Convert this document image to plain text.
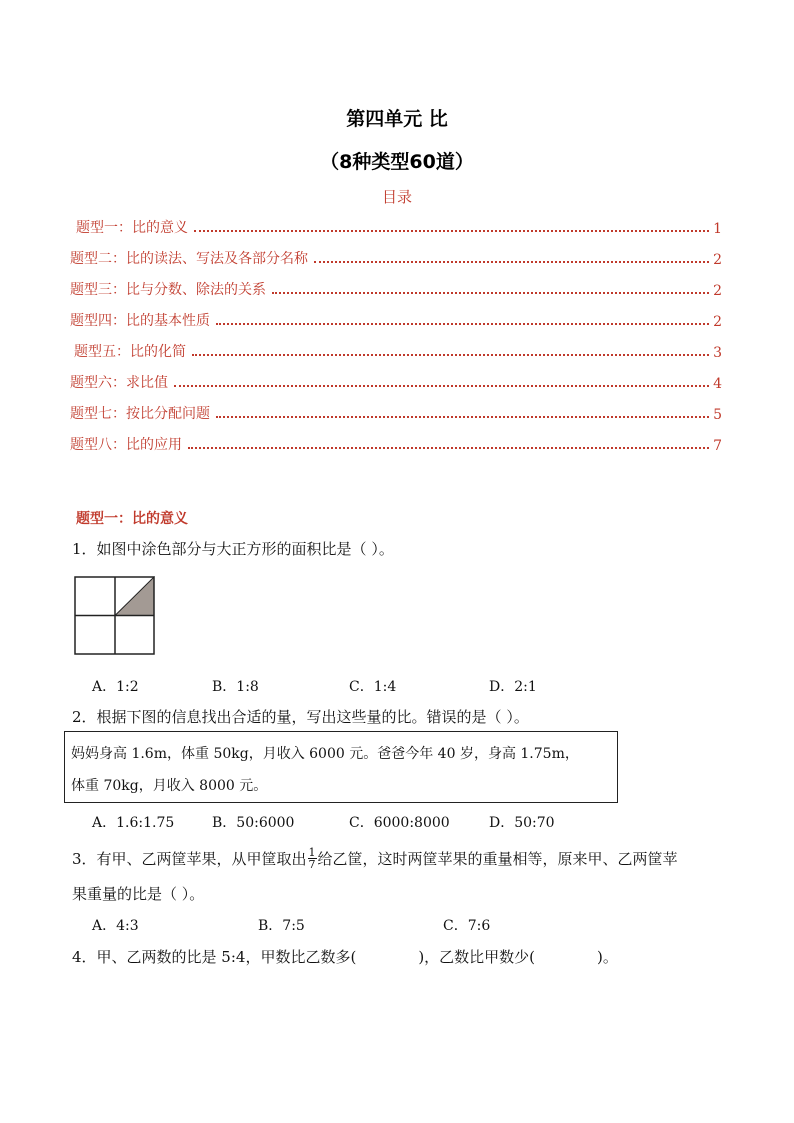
第四单元 比
（8种类型60道）
目录
题型一：比的意义	1
题型二：比的读法、写法及各部分名称	2
题型三：比与分数、除法的关系	2
题型四：比的基本性质	2
题型五：比的化简	3
题型六：求比值	4
题型七：按比分配问题	5
题型八：比的应用	7
题型一：比的意义
1．如图中涂色部分与大正方形的面积比是（ ）。
A．1:2	B．1:8	C．1:4	D．2:1
2．根据下图的信息找出合适的量，写出这些量的比。错误的是（ ）。
妈妈身高 1.6m，体重 50kg，月收入 6000 元。爸爸今年 40 岁，身高 1.75m，
体重 70kg，月收入 8000 元。
A．1.6:1.75	B．50:6000	C．6000:8000	D．50:70
3．有甲、乙两筐苹果，从甲筐取出 $\frac{1}{7}$ 给乙筐，这时两筐苹果的重量相等，原来甲、乙两筐苹
果重量的比是（ ）。
A．4:3	B．7:5	C．7:6
4．甲、乙两数的比是 5:4，甲数比乙数多(	)，乙数比甲数少(	)。
